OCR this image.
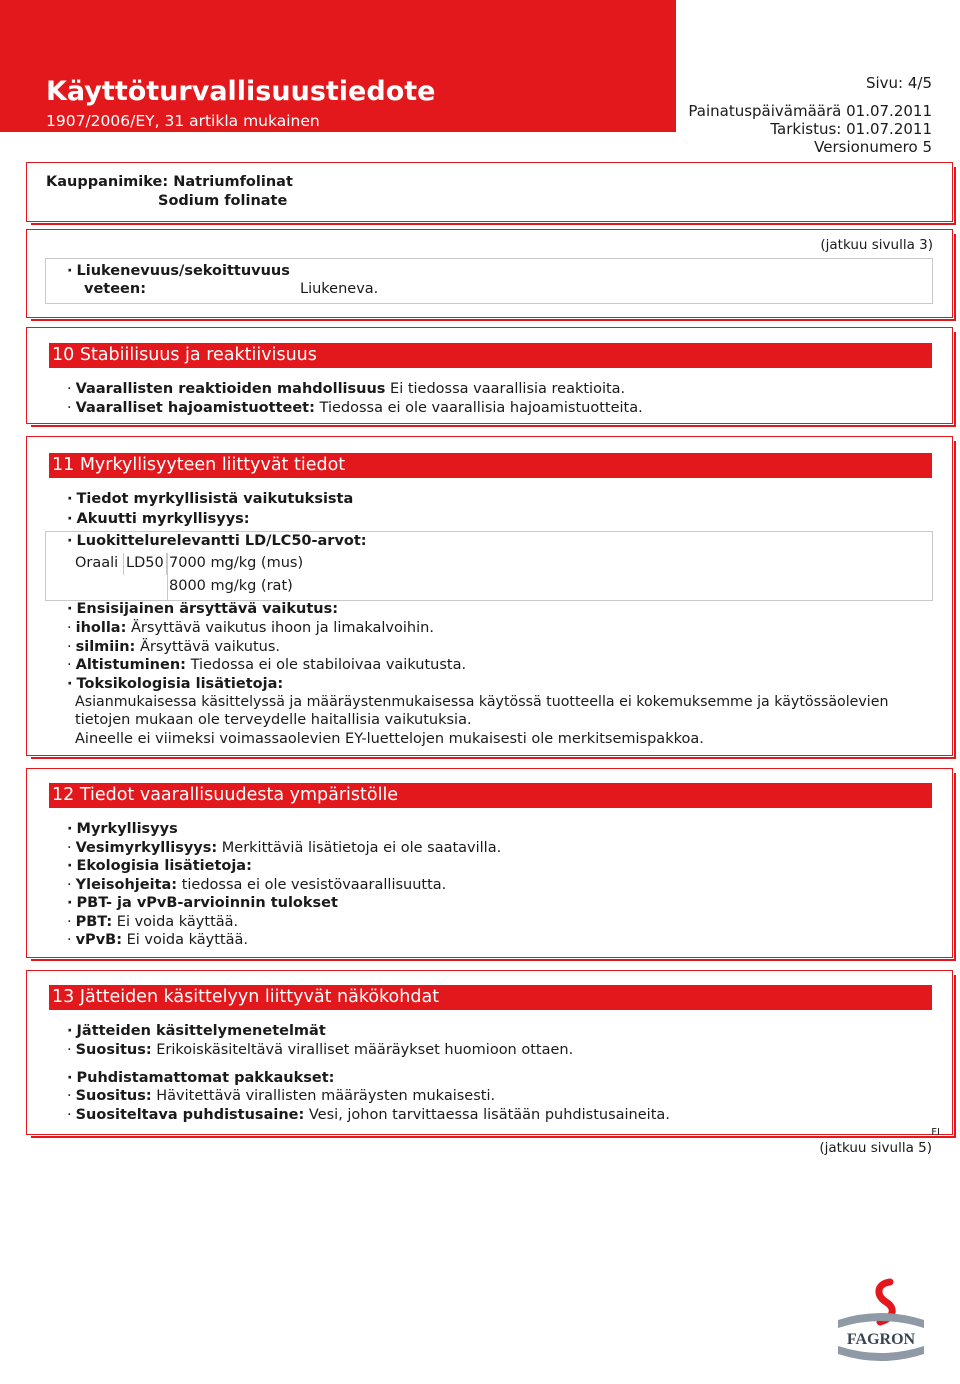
Käyttöturvallisuustiedote
1907/2006/EY, 31 artikla mukainen
Sivu: 4/5
Painatuspäivämäärä 01.07.2011
Tarkistus: 01.07.2011
Versionumero 5
Kauppanimike: Natriumfolinat
Sodium folinate
(jatkuu sivulla 3)
· Liukenevuus/sekoittuvuus
veteen:	Liukeneva.
10 Stabiilisuus ja reaktiivisuus
· Vaarallisten reaktioiden mahdollisuus Ei tiedossa vaarallisia reaktioita.
· Vaaralliset hajoamistuotteet: Tiedossa ei ole vaarallisia hajoamistuotteita.
11 Myrkyllisyyteen liittyvät tiedot
· Tiedot myrkyllisistä vaikutuksista
· Akuutti myrkyllisyys:
· Luokittelurelevantti LD/LC50-arvot:
Oraali LD50 7000 mg/kg (mus)
8000 mg/kg (rat)
· Ensisijainen ärsyttävä vaikutus:
· iholla: Ärsyttävä vaikutus ihoon ja limakalvoihin.
· silmiin: Ärsyttävä vaikutus.
· Altistuminen: Tiedossa ei ole stabiloivaa vaikutusta.
· Toksikologisia lisätietoja:
Asianmukaisessa käsittelyssä ja määräystenmukaisessa käytössä tuotteella ei kokemuksemme ja käytössäolevien
tietojen mukaan ole terveydelle haitallisia vaikutuksia.
Aineelle ei viimeksi voimassaolevien EY-luettelojen mukaisesti ole merkitsemispakkoa.
12 Tiedot vaarallisuudesta ympäristölle
· Myrkyllisyys
· Vesimyrkyllisyys: Merkittäviä lisätietoja ei ole saatavilla.
· Ekologisia lisätietoja:
· Yleisohjeita: tiedossa ei ole vesistövaarallisuutta.
· PBT- ja vPvB-arvioinnin tulokset
· PBT: Ei voida käyttää.
· vPvB: Ei voida käyttää.
13 Jätteiden käsittelyyn liittyvät näkökohdat
· Jätteiden käsittelymenetelmät
· Suositus: Erikoiskäsiteltävä viralliset määräykset huomioon ottaen.
· Puhdistamattomat pakkaukset:
· Suositus: Hävitettävä virallisten määräysten mukaisesti.
· Suositeltava puhdistusaine: Vesi, johon tarvittaessa lisätään puhdistusaineita.
FI
(jatkuu sivulla 5)
FAGRON
